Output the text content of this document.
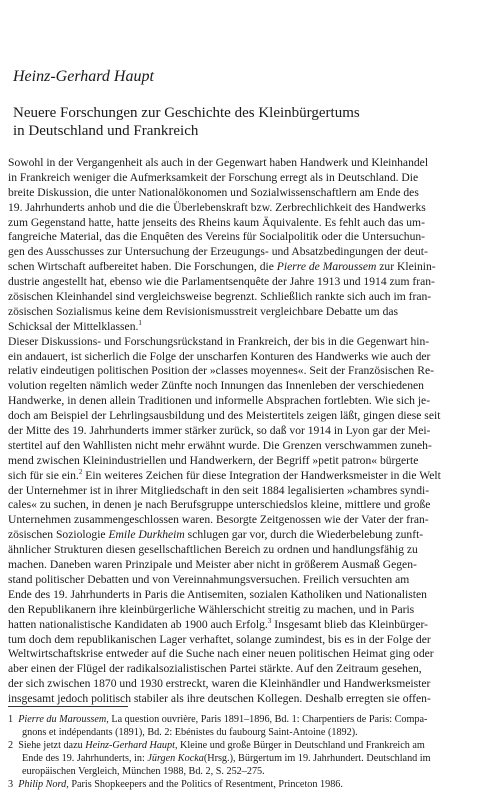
Heinz-Gerhard Haupt
Neuere Forschungen zur Geschichte des Kleinbürgertums
in Deutschland und Frankreich
Sowohl in der Vergangenheit als auch in der Gegenwart haben Handwerk und Kleinhandel
in Frankreich weniger die Aufmerksamkeit der Forschung erregt als in Deutschland. Die
breite Diskussion, die unter Nationalökonomen und Sozialwissenschaftlern am Ende des
19. Jahrhunderts anhob und die die Überlebenskraft bzw. Zerbrechlichkeit des Handwerks
zum Gegenstand hatte, hatte jenseits des Rheins kaum Äquivalente. Es fehlt auch das um-
fangreiche Material, das die Enquêten des Vereins für Socialpolitik oder die Untersuchun-
gen des Ausschusses zur Untersuchung der Erzeugungs- und Absatzbedingungen der deut-
schen Wirtschaft aufbereitet haben. Die Forschungen, die Pierre de Maroussem zur Kleinin-
dustrie angestellt hat, ebenso wie die Parlamentsenquête der Jahre 1913 und 1914 zum fran-
zösischen Kleinhandel sind vergleichsweise begrenzt. Schließlich rankte sich auch im fran-
zösischen Sozialismus keine dem Revisionismusstreit vergleichbare Debatte um das
Schicksal der Mittelklassen.$^1$
Dieser Diskussions- und Forschungsrückstand in Frankreich, der bis in die Gegenwart hin-
ein andauert, ist sicherlich die Folge der unscharfen Konturen des Handwerks wie auch der
relativ eindeutigen politischen Position der »classes moyennes«. Seit der Französischen Re-
volution regelten nämlich weder Zünfte noch Innungen das Innenleben der verschiedenen
Handwerke, in denen allein Traditionen und informelle Absprachen fortlebten. Wie sich je-
doch am Beispiel der Lehrlingsausbildung und des Meistertitels zeigen läßt, gingen diese seit
der Mitte des 19. Jahrhunderts immer stärker zurück, so daß vor 1914 in Lyon gar der Mei-
stertitel auf den Wahllisten nicht mehr erwähnt wurde. Die Grenzen verschwammen zuneh-
mend zwischen Kleinindustriellen und Handwerkern, der Begriff »petit patron« bürgerte
sich für sie ein.$^2$ Ein weiteres Zeichen für diese Integration der Handwerksmeister in die Welt
der Unternehmer ist in ihrer Mitgliedschaft in den seit 1884 legalisierten »chambres syndi-
cales« zu suchen, in denen je nach Berufsgruppe unterschiedslos kleine, mittlere und große
Unternehmen zusammengeschlossen waren. Besorgte Zeitgenossen wie der Vater der fran-
zösischen Soziologie Emile Durkheim schlugen gar vor, durch die Wiederbelebung zunft-
ähnlicher Strukturen diesen gesellschaftlichen Bereich zu ordnen und handlungsfähig zu
machen. Daneben waren Prinzipale und Meister aber nicht in größerem Ausmaß Gegen-
stand politischer Debatten und von Vereinnahmungsversuchen. Freilich versuchten am
Ende des 19. Jahrhunderts in Paris die Antisemiten, sozialen Katholiken und Nationalisten
den Republikanern ihre kleinbürgerliche Wählerschicht streitig zu machen, und in Paris
hatten nationalistische Kandidaten ab 1900 auch Erfolg.$^3$ Insgesamt blieb das Kleinbürger-
tum doch dem republikanischen Lager verhaftet, solange zumindest, bis es in der Folge der
Weltwirtschaftskrise entweder auf die Suche nach einer neuen politischen Heimat ging oder
aber einen der Flügel der radikalsozialistischen Partei stärkte. Auf den Zeitraum gesehen,
der sich zwischen 1870 und 1930 erstreckt, waren die Kleinhändler und Handwerksmeister
insgesamt jedoch politisch stabiler als ihre deutschen Kollegen. Deshalb erregten sie offen-
1 Pierre du Maroussem, La question ouvrière, Paris 1891–1896, Bd. 1: Charpentiers de Paris: Compa-
gnons et indépendants (1891), Bd. 2: Ebénistes du faubourg Saint-Antoine (1892).
2 Siehe jetzt dazu Heinz-Gerhard Haupt, Kleine und große Bürger in Deutschland und Frankreich am
Ende des 19. Jahrhunderts, in: Jürgen Kocka(Hrsg.), Bürgertum im 19. Jahrhundert. Deutschland im
europäischen Vergleich, München 1988, Bd. 2, S. 252–275.
3 Philip Nord, Paris Shopkeepers and the Politics of Resentment, Princeton 1986.
